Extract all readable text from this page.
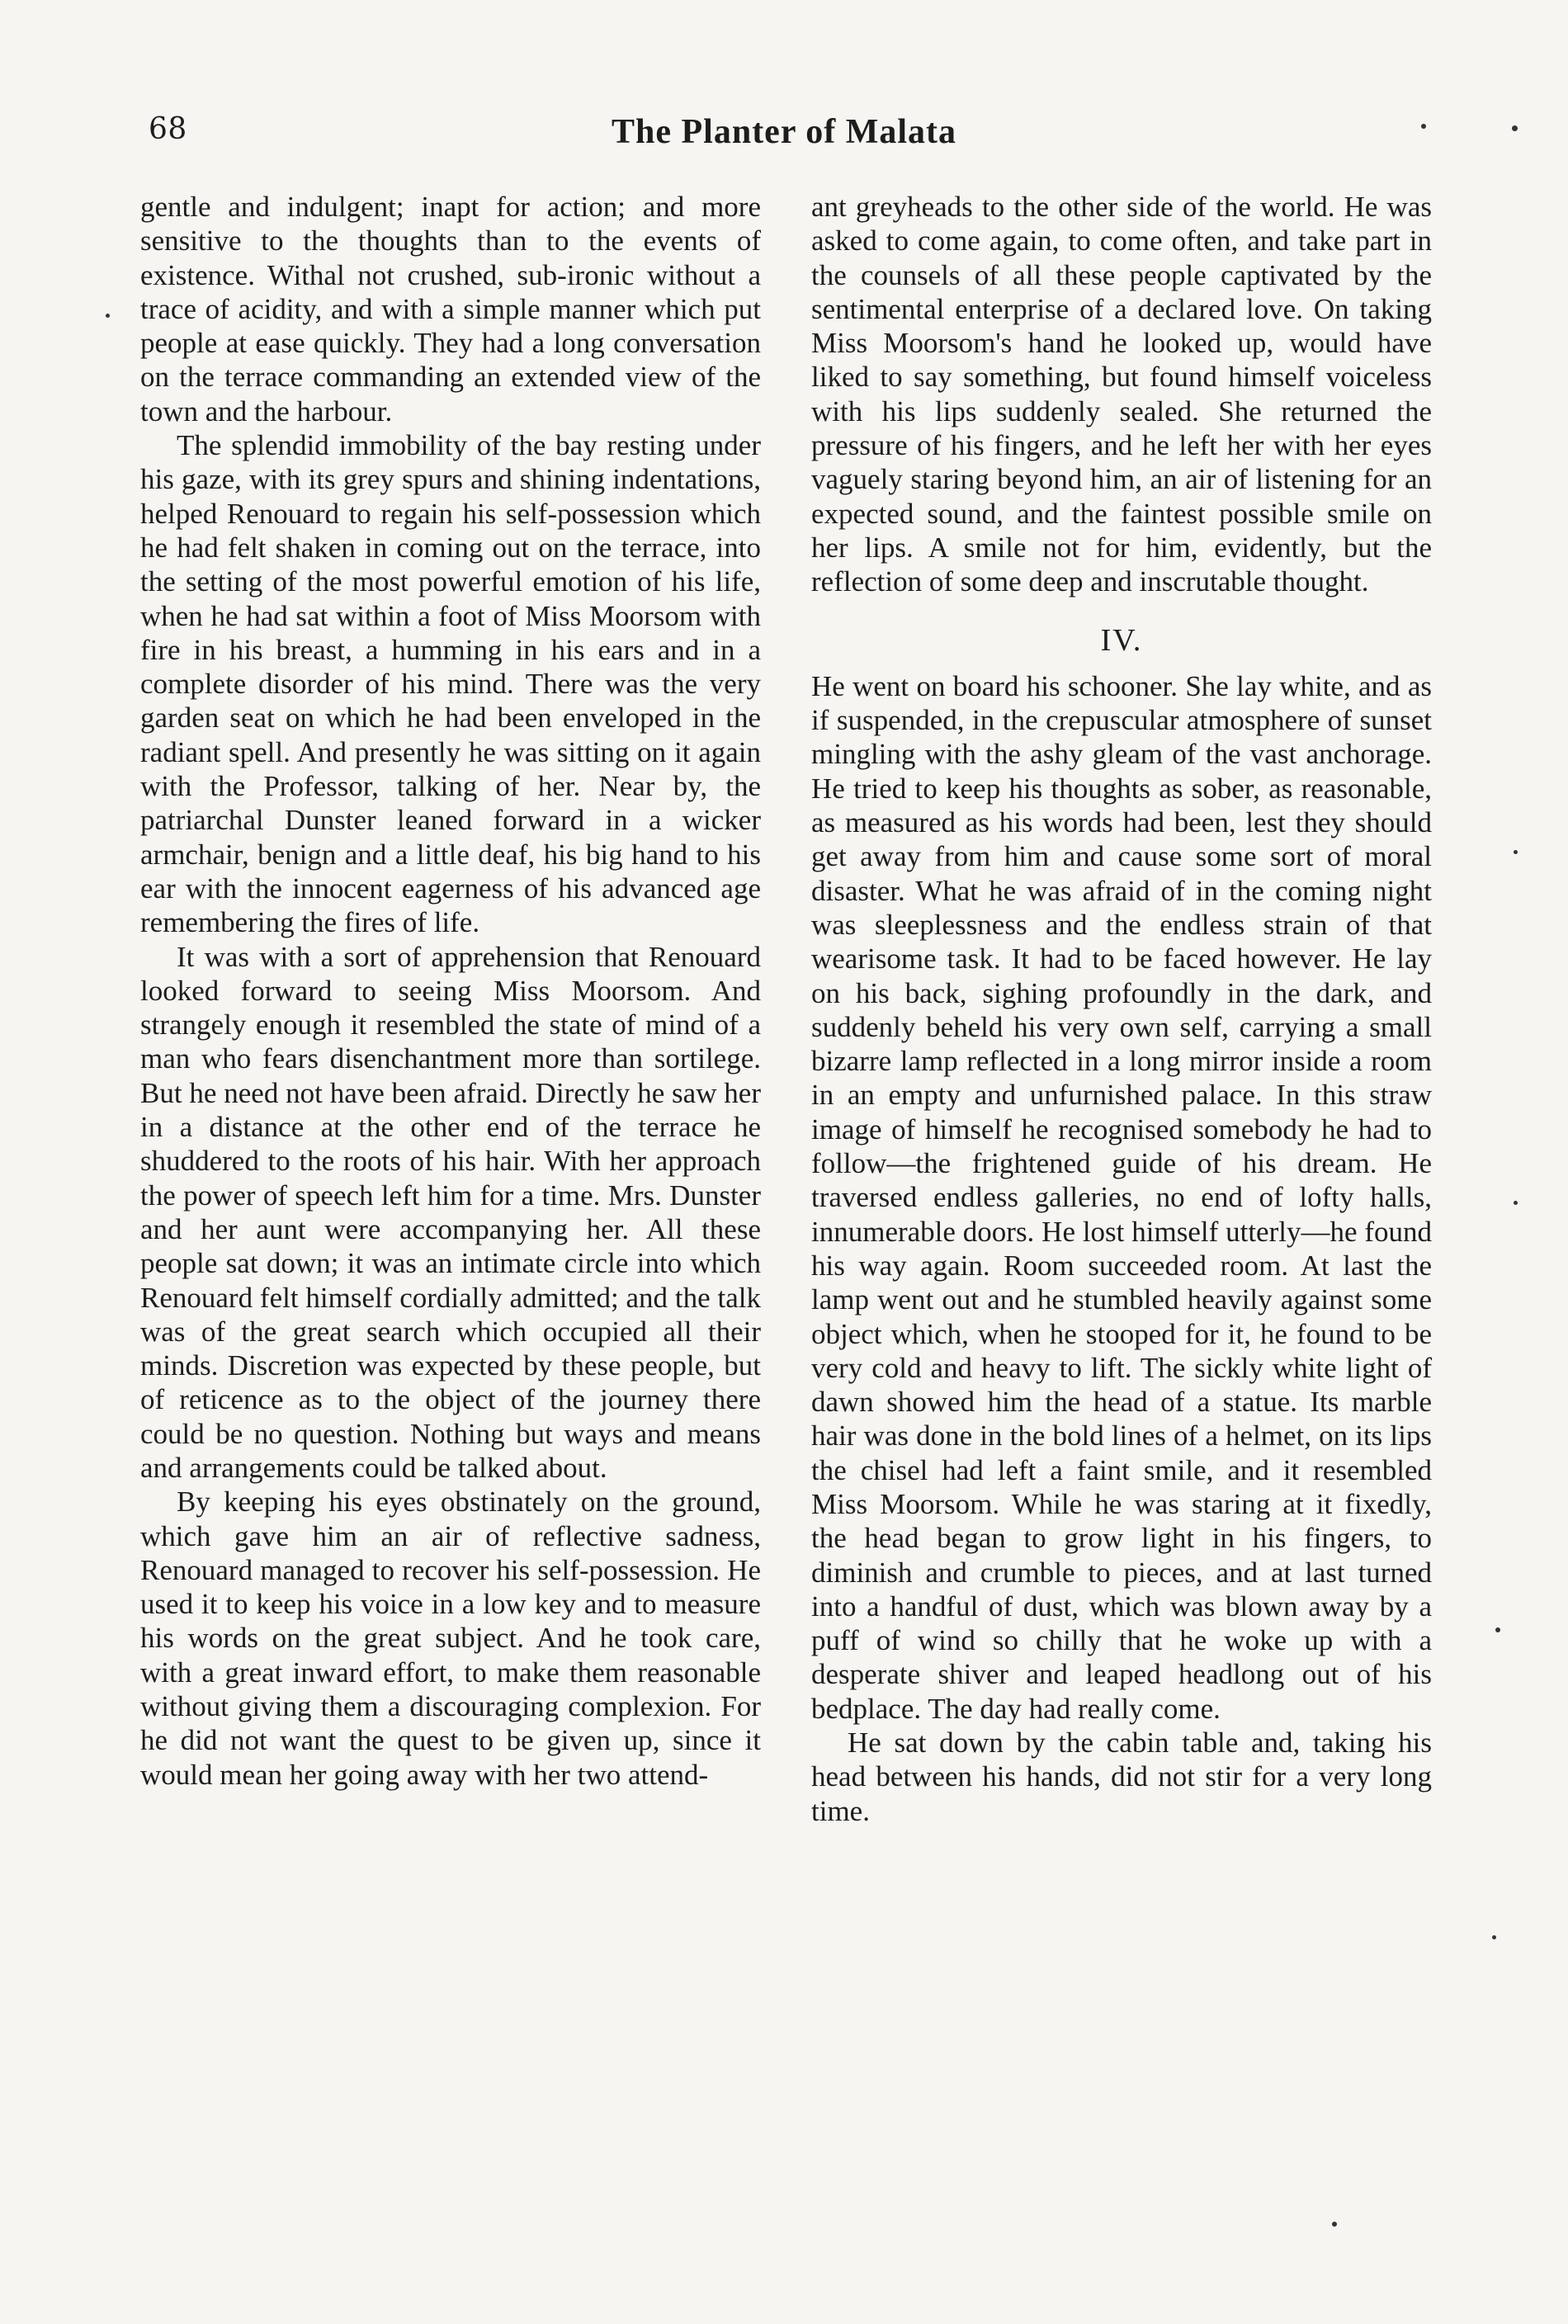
68	The Planter of Malata

gentle and indulgent; inapt for action; and more sensitive to the thoughts than to the events of existence. Withal not crushed, sub-ironic without a trace of acidity, and with a simple manner which put people at ease quickly. They had a long conversation on the terrace commanding an extended view of the town and the harbour.

The splendid immobility of the bay resting under his gaze, with its grey spurs and shining indentations, helped Renouard to regain his self-possession which he had felt shaken in coming out on the terrace, into the setting of the most powerful emotion of his life, when he had sat within a foot of Miss Moorsom with fire in his breast, a humming in his ears and in a complete disorder of his mind. There was the very garden seat on which he had been enveloped in the radiant spell. And presently he was sitting on it again with the Professor, talking of her. Near by, the patriarchal Dunster leaned forward in a wicker armchair, benign and a little deaf, his big hand to his ear with the innocent eagerness of his advanced age remembering the fires of life.

It was with a sort of apprehension that Renouard looked forward to seeing Miss Moorsom. And strangely enough it resembled the state of mind of a man who fears disenchantment more than sortilege. But he need not have been afraid. Directly he saw her in a distance at the other end of the terrace he shuddered to the roots of his hair. With her approach the power of speech left him for a time. Mrs. Dunster and her aunt were accompanying her. All these people sat down; it was an intimate circle into which Renouard felt himself cordially admitted; and the talk was of the great search which occupied all their minds. Discretion was expected by these people, but of reticence as to the object of the journey there could be no question. Nothing but ways and means and arrangements could be talked about.

By keeping his eyes obstinately on the ground, which gave him an air of reflective sadness, Renouard managed to recover his self-possession. He used it to keep his voice in a low key and to measure his words on the great subject. And he took care, with a great inward effort, to make them reasonable without giving them a discouraging complexion. For he did not want the quest to be given up, since it would mean her going away with her two attend-

ant greyheads to the other side of the world. He was asked to come again, to come often, and take part in the counsels of all these people captivated by the sentimental enterprise of a declared love. On taking Miss Moorsom's hand he looked up, would have liked to say something, but found himself voiceless with his lips suddenly sealed. She returned the pressure of his fingers, and he left her with her eyes vaguely staring beyond him, an air of listening for an expected sound, and the faintest possible smile on her lips. A smile not for him, evidently, but the reflection of some deep and inscrutable thought.

IV.

He went on board his schooner. She lay white, and as if suspended, in the crepuscular atmosphere of sunset mingling with the ashy gleam of the vast anchorage. He tried to keep his thoughts as sober, as reasonable, as measured as his words had been, lest they should get away from him and cause some sort of moral disaster. What he was afraid of in the coming night was sleeplessness and the endless strain of that wearisome task. It had to be faced however. He lay on his back, sighing profoundly in the dark, and suddenly beheld his very own self, carrying a small bizarre lamp reflected in a long mirror inside a room in an empty and unfurnished palace. In this straw image of himself he recognised somebody he had to follow—the frightened guide of his dream. He traversed endless galleries, no end of lofty halls, innumerable doors. He lost himself utterly—he found his way again. Room succeeded room. At last the lamp went out and he stumbled heavily against some object which, when he stooped for it, he found to be very cold and heavy to lift. The sickly white light of dawn showed him the head of a statue. Its marble hair was done in the bold lines of a helmet, on its lips the chisel had left a faint smile, and it resembled Miss Moorsom. While he was staring at it fixedly, the head began to grow light in his fingers, to diminish and crumble to pieces, and at last turned into a handful of dust, which was blown away by a puff of wind so chilly that he woke up with a desperate shiver and leaped headlong out of his bedplace. The day had really come.

He sat down by the cabin table and, taking his head between his hands, did not stir for a very long time.
